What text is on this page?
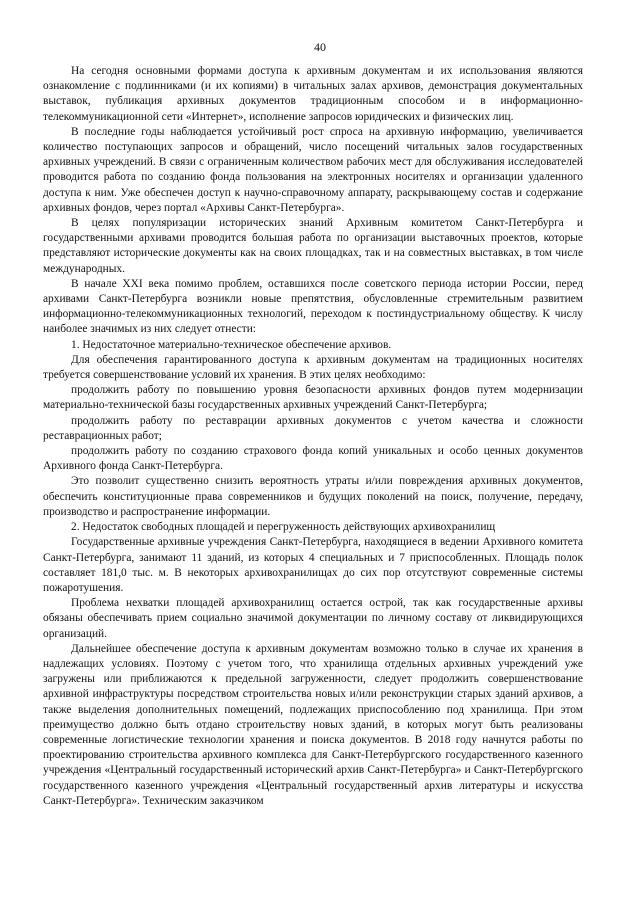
40

На сегодня основными формами доступа к архивным документам и их использования являются ознакомление с подлинниками (и их копиями) в читальных залах архивов, демонстрация документальных выставок, публикация архивных документов традиционным способом и в информационно-телекоммуникационной сети «Интернет», исполнение запросов юридических и физических лиц.

В последние годы наблюдается устойчивый рост спроса на архивную информацию, увеличивается количество поступающих запросов и обращений, число посещений читальных залов государственных архивных учреждений. В связи с ограниченным количеством рабочих мест для обслуживания исследователей проводится работа по созданию фонда пользования на электронных носителях и организации удаленного доступа к ним. Уже обеспечен доступ к научно-справочному аппарату, раскрывающему состав и содержание архивных фондов, через портал «Архивы Санкт-Петербурга».

В целях популяризации исторических знаний Архивным комитетом Санкт-Петербурга и государственными архивами проводится большая работа по организации выставочных проектов, которые представляют исторические документы как на своих площадках, так и на совместных выставках, в том числе международных.

В начале XXI века помимо проблем, оставшихся после советского периода истории России, перед архивами Санкт-Петербурга возникли новые препятствия, обусловленные стремительным развитием информационно-телекоммуникационных технологий, переходом к постиндустриальному обществу. К числу наиболее значимых из них следует отнести:

1. Недостаточное материально-техническое обеспечение архивов.

Для обеспечения гарантированного доступа к архивным документам на традиционных носителях требуется совершенствование условий их хранения. В этих целях необходимо:

продолжить работу по повышению уровня безопасности архивных фондов путем модернизации материально-технической базы государственных архивных учреждений Санкт-Петербурга;

продолжить работу по реставрации архивных документов с учетом качества и сложности реставрационных работ;

продолжить работу по созданию страхового фонда копий уникальных и особо ценных документов Архивного фонда Санкт-Петербурга.

Это позволит существенно снизить вероятность утраты и/или повреждения архивных документов, обеспечить конституционные права современников и будущих поколений на поиск, получение, передачу, производство и распространение информации.

2. Недостаток свободных площадей и перегруженность действующих архивохранилищ

Государственные архивные учреждения Санкт-Петербурга, находящиеся в ведении Архивного комитета Санкт-Петербурга, занимают 11 зданий, из которых 4 специальных и 7 приспособленных. Площадь полок составляет 181,0 тыс. м. В некоторых архивохранилищах до сих пор отсутствуют современные системы пожаротушения.

Проблема нехватки площадей архивохранилищ остается острой, так как государственные архивы обязаны обеспечивать прием социально значимой документации по личному составу от ликвидирующихся организаций.

Дальнейшее обеспечение доступа к архивным документам возможно только в случае их хранения в надлежащих условиях. Поэтому с учетом того, что хранилища отдельных архивных учреждений уже загружены или приближаются к предельной загруженности, следует продолжить совершенствование архивной инфраструктуры посредством строительства новых и/или реконструкции старых зданий архивов, а также выделения дополнительных помещений, подлежащих приспособлению под хранилища. При этом преимущество должно быть отдано строительству новых зданий, в которых могут быть реализованы современные логистические технологии хранения и поиска документов. В 2018 году начнутся работы по проектированию строительства архивного комплекса для Санкт-Петербургского государственного казенного учреждения «Центральный государственный исторический архив Санкт-Петербурга» и Санкт-Петербургского государственного казенного учреждения «Центральный государственный архив литературы и искусства Санкт-Петербурга». Техническим заказчиком
